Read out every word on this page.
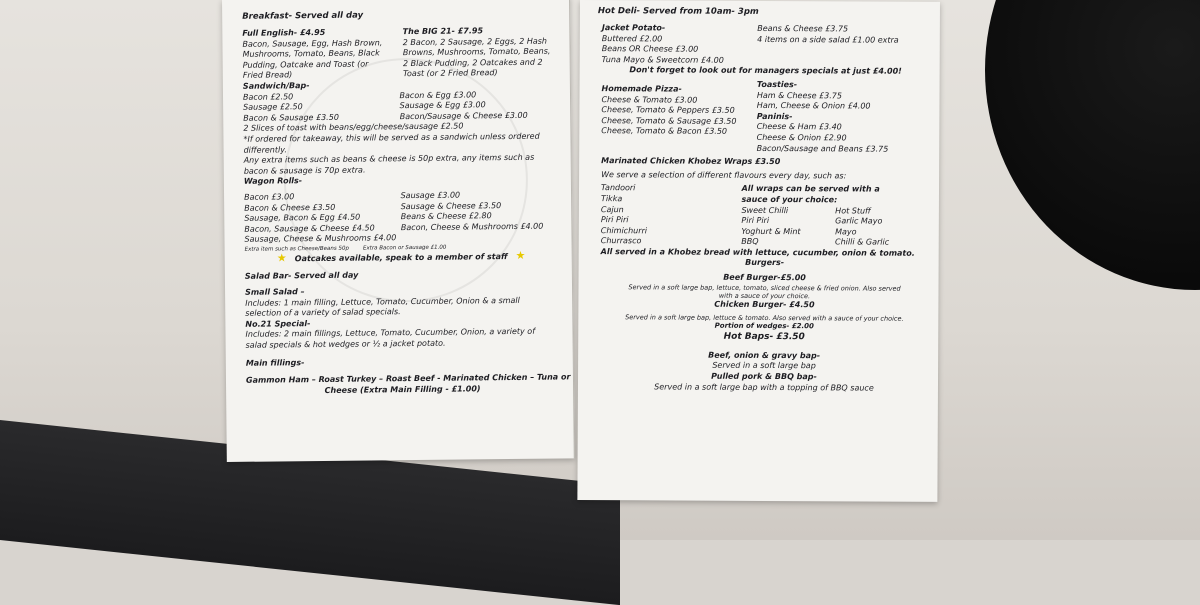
Breakfast- Served all day

Full English- £4.95

Bacon, Sausage, Egg, Hash Brown,

Mushrooms, Tomato, Beans, Black

Pudding, Oatcake and Toast (or

Fried Bread)

The BIG 21- £7.95

2 Bacon, 2 Sausage, 2 Eggs, 2 Hash

Browns, Mushrooms, Tomato, Beans,

2 Black Pudding, 2 Oatcakes and 2

Toast (or 2 Fried Bread)

Sandwich/Bap-

Bacon £2.50

Sausage £2.50

Bacon & Sausage £3.50

Bacon & Egg £3.00

Sausage & Egg £3.00

Bacon/Sausage & Cheese £3.00

2 Slices of toast with beans/egg/cheese/sausage £2.50

*If ordered for takeaway, this will be served as a sandwich unless ordered

differently.

Any extra items such as beans & cheese is 50p extra, any items such as

bacon & sausage is 70p extra.

Wagon Rolls-

Bacon £3.00

Bacon & Cheese £3.50

Sausage, Bacon & Egg £4.50

Bacon, Sausage & Cheese £4.50

Sausage, Cheese & Mushrooms £4.00

Sausage £3.00

Sausage & Cheese £3.50

Beans & Cheese £2.80

Bacon, Cheese & Mushrooms £4.00

Extra item such as Cheese/Beans 50p	Extra Bacon or Sausage £1.00

★ Oatcakes available, speak to a member of staff ★

Salad Bar- Served all day

Small Salad –

Includes: 1 main filling, Lettuce, Tomato, Cucumber, Onion & a small

selection of a variety of salad specials.

No.21 Special-

Includes: 2 main fillings, Lettuce, Tomato, Cucumber, Onion, a variety of

salad specials & hot wedges or ½ a jacket potato.

Main fillings-

Gammon Ham – Roast Turkey – Roast Beef - Marinated Chicken – Tuna or

Cheese (Extra Main Filling - £1.00)

Hot Deli- Served from 10am- 3pm

Jacket Potato-

Buttered £2.00

Beans OR Cheese £3.00

Tuna Mayo & Sweetcorn £4.00

Beans & Cheese £3.75

4 items on a side salad £1.00 extra

Don't forget to look out for managers specials at just £4.00!

Homemade Pizza-

Cheese & Tomato £3.00

Cheese, Tomato & Peppers £3.50

Cheese, Tomato & Sausage £3.50

Cheese, Tomato & Bacon £3.50

Toasties-

Ham & Cheese £3.75

Ham, Cheese & Onion £4.00

Paninis-

Cheese & Ham £3.40

Cheese & Onion £2.90

Bacon/Sausage and Beans £3.75

Marinated Chicken Khobez Wraps £3.50

We serve a selection of different flavours every day, such as:

Tandoori

Tikka

Cajun

Piri Piri

Chimichurri

Churrasco

All wraps can be served with a

sauce of your choice:

Sweet Chilli

Piri Piri

Yoghurt & Mint

BBQ

Hot Stuff

Garlic Mayo

Mayo

Chilli & Garlic

All served in a Khobez bread with lettuce, cucumber, onion & tomato.

Burgers-

Beef Burger-£5.00

Served in a soft large bap, lettuce, tomato, sliced cheese & fried onion. Also served

with a sauce of your choice.

Chicken Burger- £4.50

Served in a soft large bap, lettuce & tomato. Also served with a sauce of your choice.

Portion of wedges- £2.00

Hot Baps- £3.50

Beef, onion & gravy bap-

Served in a soft large bap

Pulled pork & BBQ bap-

Served in a soft large bap with a topping of BBQ sauce
